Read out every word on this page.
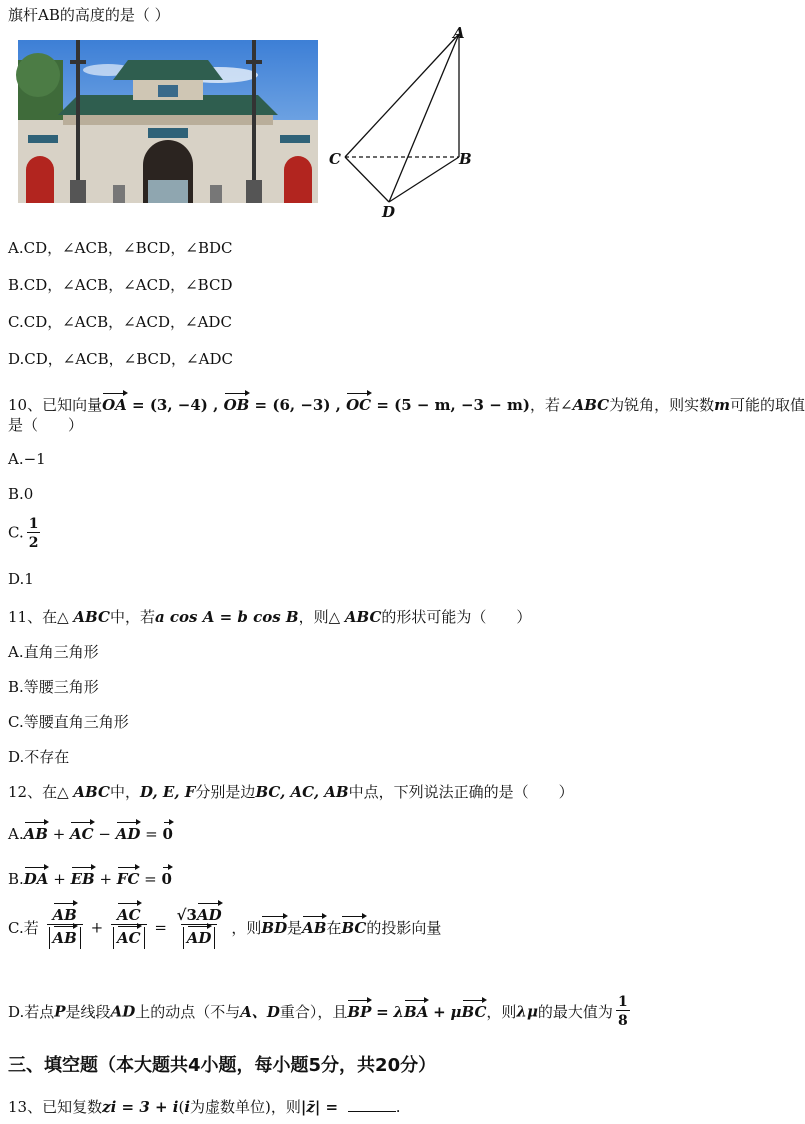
旗杆AB的高度的是（ ）
A
B
C
D
A.CD，∠ACB，∠BCD，∠BDC
B.CD，∠ACB，∠ACD，∠BCD
C.CD，∠ACB，∠ACD，∠ADC
D.CD，∠ACB，∠BCD，∠ADC
10、已知向量OA = (3, −4) , OB = (6, −3) , OC = (5 − m, −3 − m)，若∠ABC为锐角，则实数m可能的取值
是（　　）
A.−1
B.0
C. $\frac{1}{2}$
D.1
11、在△ ABC中，若a cos A = b cos B，则△ ABC的形状可能为（　　）
A.直角三角形
B.等腰三角形
C.等腰直角三角形
D.不存在
12、在△ ABC中，D, E, F分别是边BC, AC, AB中点，下列说法正确的是（　　）
A.AB + AC − AD = 0
B.DA + EB + FC = 0
C.若 $\frac{AB}{AB} + \frac{AC}{AC} = \frac{√3AD}{AD}$ ，则BD是AB在BC的投影向量
D.若点P是线段AD上的动点（不与A、D重合），且BP = λBA + μBC，则λμ的最大值为 $\frac{1}{8}$
三、填空题（本大题共4小题，每小题5分，共20分）
13、已知复数zi = 3 + i(i为虚数单位)，则|z̄| =	.
